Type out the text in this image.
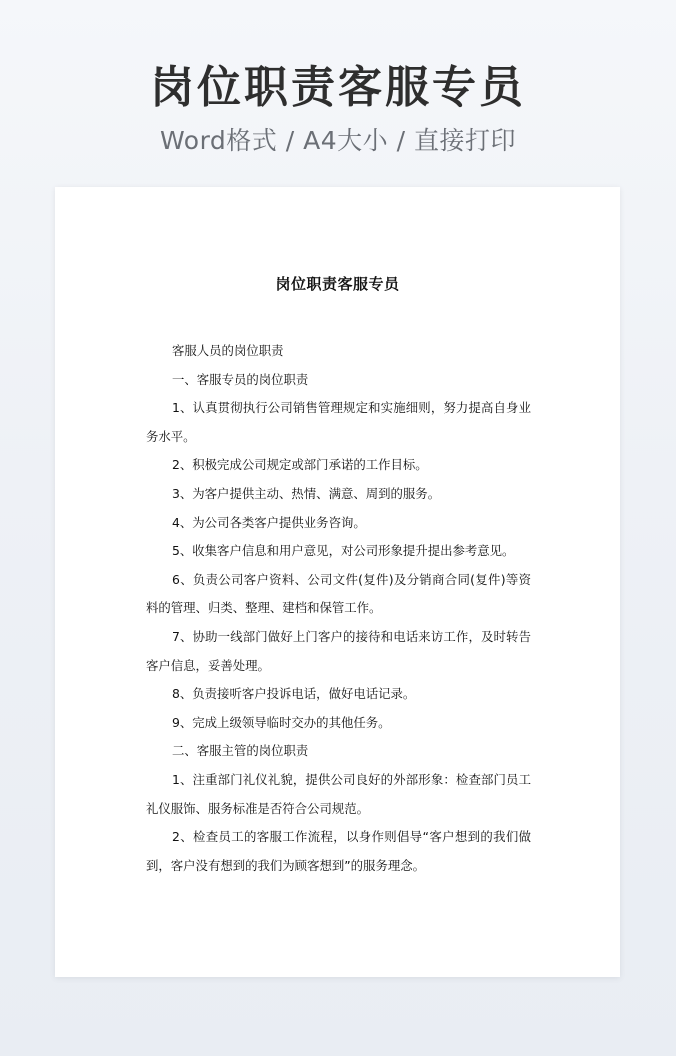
岗位职责客服专员
Word格式 / A4大小 / 直接打印
岗位职责客服专员

客服人员的岗位职责

一、客服专员的岗位职责

1、认真贯彻执行公司销售管理规定和实施细则，努力提高自身业务水平。

2、积极完成公司规定或部门承诺的工作目标。

3、为客户提供主动、热情、满意、周到的服务。

4、为公司各类客户提供业务咨询。

5、收集客户信息和用户意见，对公司形象提升提出参考意见。

6、负责公司客户资料、公司文件(复件)及分销商合同(复件)等资料的管理、归类、整理、建档和保管工作。

7、协助一线部门做好上门客户的接待和电话来访工作，及时转告客户信息，妥善处理。

8、负责接听客户投诉电话，做好电话记录。

9、完成上级领导临时交办的其他任务。

二、客服主管的岗位职责

1、注重部门礼仪礼貌，提供公司良好的外部形象：检查部门员工礼仪服饰、服务标准是否符合公司规范。

2、检查员工的客服工作流程，以身作则倡导“客户想到的我们做到，客户没有想到的我们为顾客想到”的服务理念。
